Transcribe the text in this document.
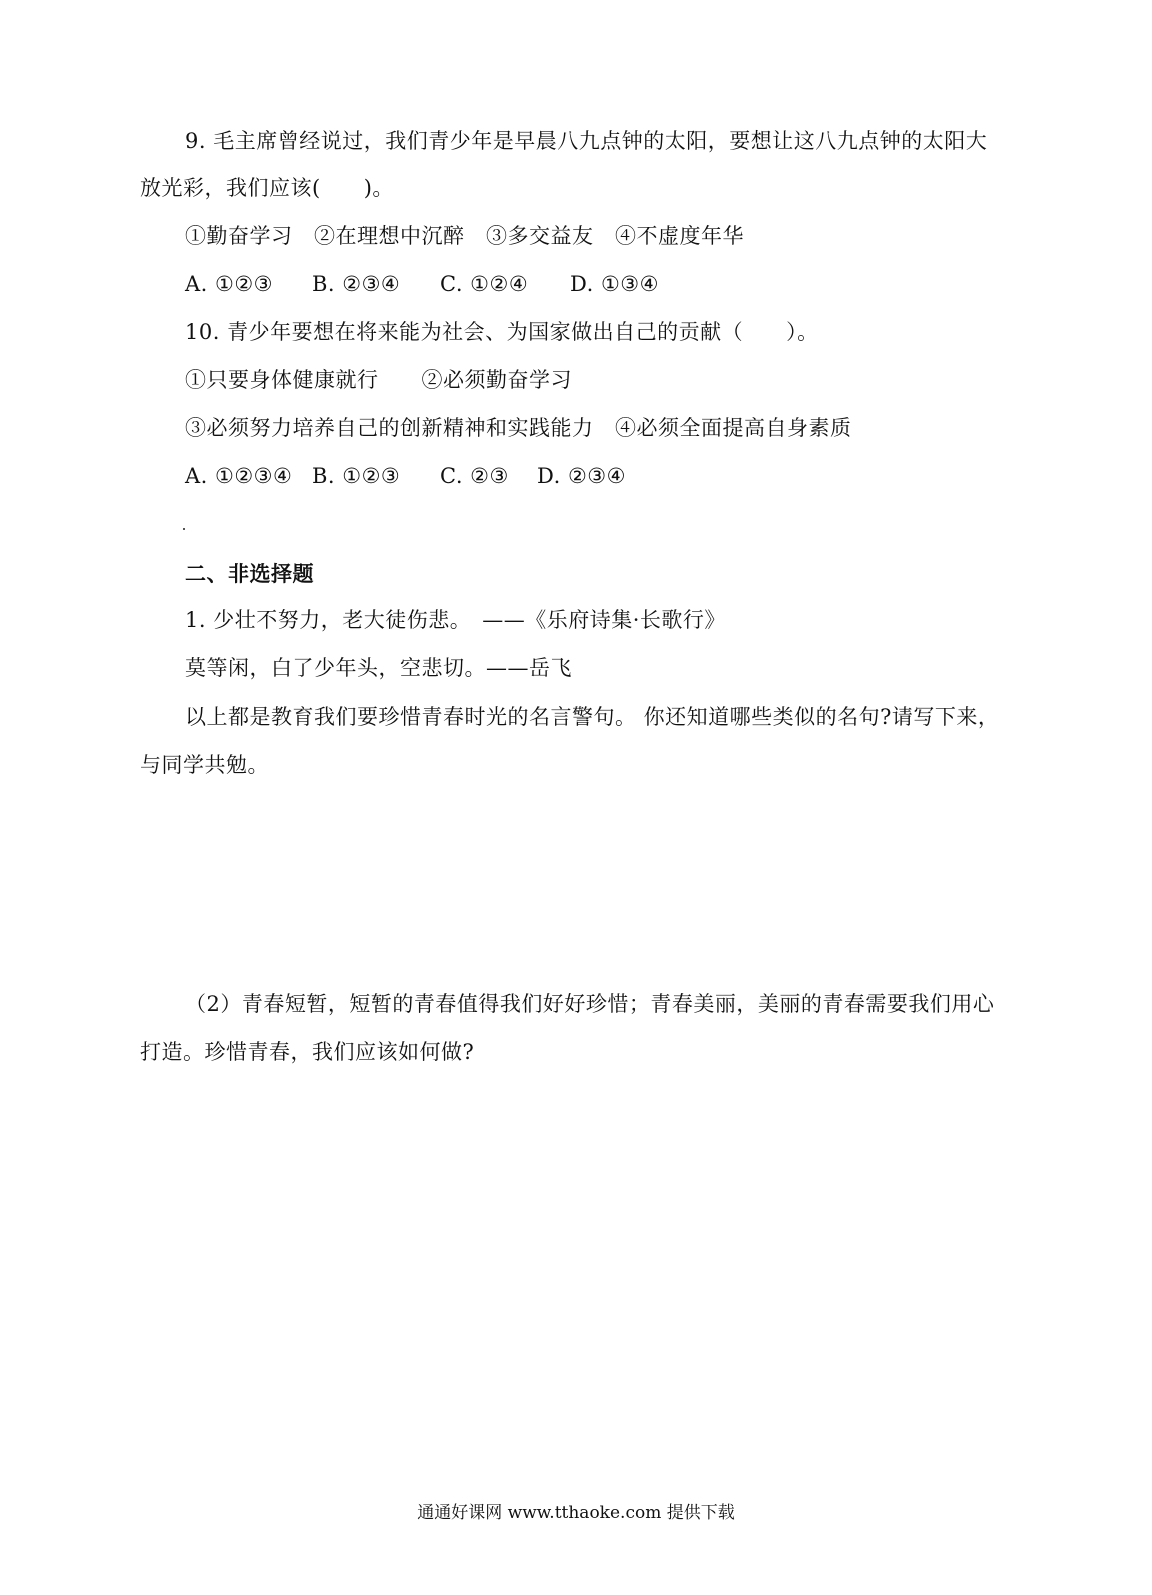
9. 毛主席曾经说过，我们青少年是早晨八九点钟的太阳，要想让这八九点钟的太阳大
放光彩，我们应该(　　)。
①勤奋学习　②在理想中沉醉　③多交益友　④不虚度年华
A. ①②③ B. ②③④ C. ①②④ D. ①③④
10. 青少年要想在将来能为社会、为国家做出自己的贡献（　　）。
①只要身体健康就行　　②必须勤奋学习
③必须努力培养自己的创新精神和实践能力　④必须全面提高自身素质
A. ①②③④ B. ①②③ C. ②③ D. ②③④
二、非选择题
1. 少壮不努力，老大徒伤悲。　——《乐府诗集·长歌行》
莫等闲，白了少年头，空悲切。——岳飞
以上都是教育我们要珍惜青春时光的名言警句。 你还知道哪些类似的名句?请写下来，
与同学共勉。
（2）青春短暂，短暂的青春值得我们好好珍惜；青春美丽，美丽的青春需要我们用心
打造。珍惜青春，我们应该如何做?
通通好课网 www.tthaoke.com 提供下载
